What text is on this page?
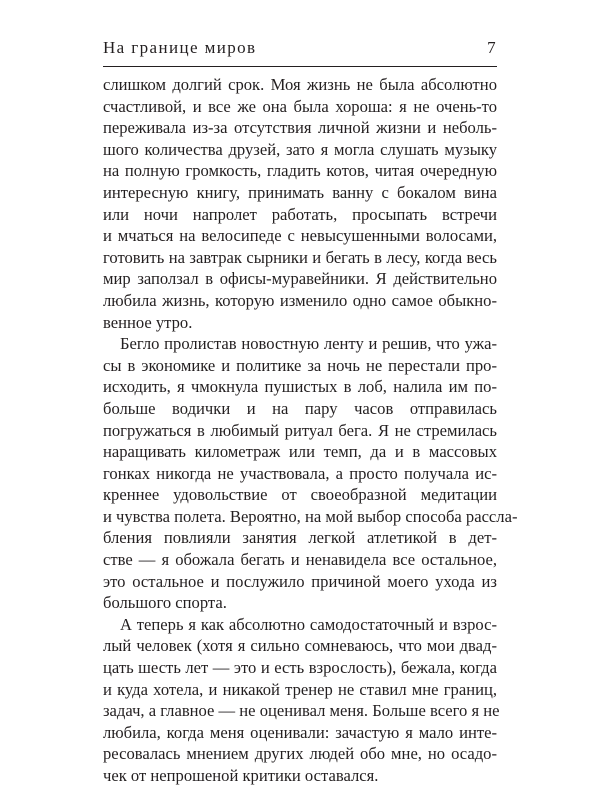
На границе миров	7

слишком долгий срок. Моя жизнь не была абсолютно
счастливой, и все же она была хороша: я не очень-то
переживала из-за отсутствия личной жизни и неболь-
шого количества друзей, зато я могла слушать музыку
на полную громкость, гладить котов, читая очередную
интересную книгу, принимать ванну с бокалом вина
или ночи напролет работать, просыпать встречи
и мчаться на велосипеде с невысушенными волосами,
готовить на завтрак сырники и бегать в лесу, когда весь
мир заползал в офисы-муравейники. Я действительно
любила жизнь, которую изменило одно самое обыкно-
венное утро.

Бегло пролистав новостную ленту и решив, что ужа-
сы в экономике и политике за ночь не перестали про-
исходить, я чмокнула пушистых в лоб, налила им по-
больше водички и на пару часов отправилась
погружаться в любимый ритуал бега. Я не стремилась
наращивать километраж или темп, да и в массовых
гонках никогда не участвовала, а просто получала ис-
креннее удовольствие от своеобразной медитации
и чувства полета. Вероятно, на мой выбор способа рассла-
бления повлияли занятия легкой атлетикой в дет-
стве — я обожала бегать и ненавидела все остальное,
это остальное и послужило причиной моего ухода из
большого спорта.

А теперь я как абсолютно самодостаточный и взрос-
лый человек (хотя я сильно сомневаюсь, что мои двад-
цать шесть лет — это и есть взрослость), бежала, когда
и куда хотела, и никакой тренер не ставил мне границ,
задач, а главное — не оценивал меня. Больше всего я не
любила, когда меня оценивали: зачастую я мало инте-
ресовалась мнением других людей обо мне, но осадо-
чек от непрошеной критики оставался.
